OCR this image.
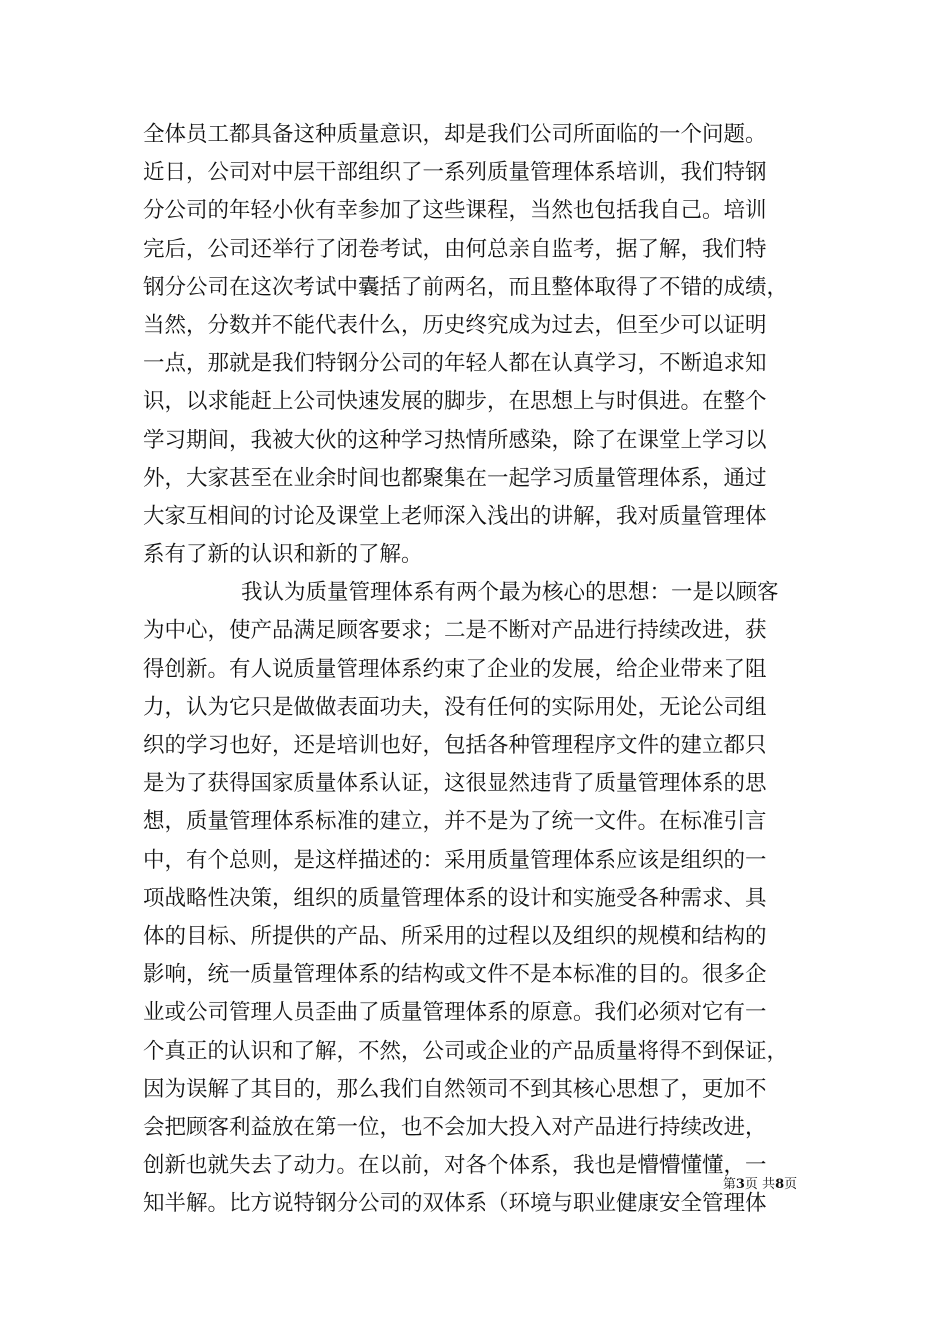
全体员工都具备这种质量意识，却是我们公司所面临的一个问题。
近日，公司对中层干部组织了一系列质量管理体系培训，我们特钢
分公司的年轻小伙有幸参加了这些课程，当然也包括我自己。培训
完后，公司还举行了闭卷考试，由何总亲自监考，据了解，我们特
钢分公司在这次考试中囊括了前两名，而且整体取得了不错的成绩，
当然，分数并不能代表什么，历史终究成为过去，但至少可以证明
一点，那就是我们特钢分公司的年轻人都在认真学习，不断追求知
识，以求能赶上公司快速发展的脚步，在思想上与时俱进。在整个
学习期间，我被大伙的这种学习热情所感染，除了在课堂上学习以
外，大家甚至在业余时间也都聚集在一起学习质量管理体系，通过
大家互相间的讨论及课堂上老师深入浅出的讲解，我对质量管理体
系有了新的认识和新的了解。
我认为质量管理体系有两个最为核心的思想：一是以顾客
为中心，使产品满足顾客要求；二是不断对产品进行持续改进，获
得创新。有人说质量管理体系约束了企业的发展，给企业带来了阻
力，认为它只是做做表面功夫，没有任何的实际用处，无论公司组
织的学习也好，还是培训也好，包括各种管理程序文件的建立都只
是为了获得国家质量体系认证，这很显然违背了质量管理体系的思
想，质量管理体系标准的建立，并不是为了统一文件。在标准引言
中，有个总则，是这样描述的：采用质量管理体系应该是组织的一
项战略性决策，组织的质量管理体系的设计和实施受各种需求、具
体的目标、所提供的产品、所采用的过程以及组织的规模和结构的
影响，统一质量管理体系的结构或文件不是本标准的目的。很多企
业或公司管理人员歪曲了质量管理体系的原意。我们必须对它有一
个真正的认识和了解，不然，公司或企业的产品质量将得不到保证，
因为误解了其目的，那么我们自然领司不到其核心思想了，更加不
会把顾客利益放在第一位，也不会加大投入对产品进行持续改进，
创新也就失去了动力。在以前，对各个体系，我也是懵懵懂懂，一
知半解。比方说特钢分公司的双体系（环境与职业健康安全管理体
第3页 共8页
